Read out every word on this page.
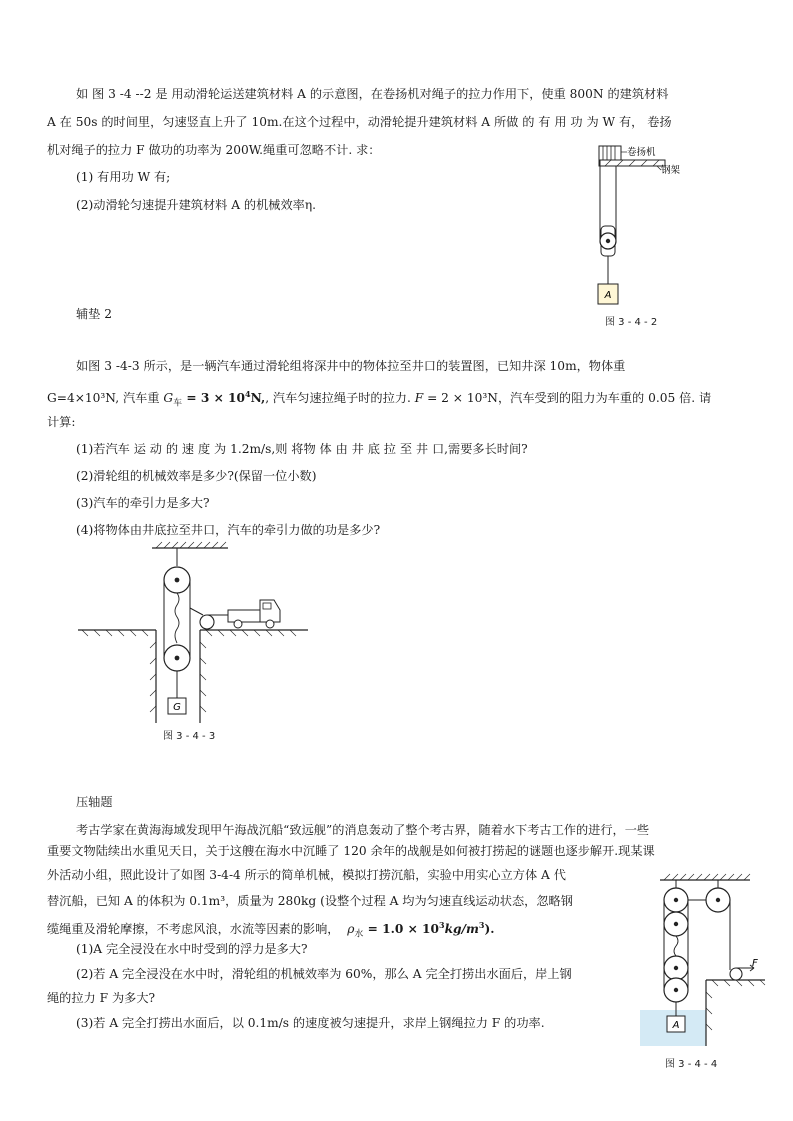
如 图 3 -4 --2 是 用动滑轮运送建筑材料 A 的示意图，在卷扬机对绳子的拉力作用下，使重 800N 的建筑材料
A 在 50s 的时间里，匀速竖直上升了 10m.在这个过程中，动滑轮提升建筑材料 A 所做 的 有 用 功 为 W 有， 卷扬
机对绳子的拉力 F 做功的功率为 200W.绳重可忽略不计. 求：
(1) 有用功 W 有;
(2)动滑轮匀速提升建筑材料 A 的机械效率η.
卷扬机
钢架
A
图 3 - 4 - 2
辅垫 2
如图 3 -4-3 所示，是一辆汽车通过滑轮组将深井中的物体拉至井口的装置图，已知井深 10m，物体重
G=4×10³N, 汽车重 $G_车 = 3 \times 10^4N$,, 汽车匀速拉绳子时的拉力. F = 2 × 10³N，汽车受到的阻力为车重的 0.05 倍. 请
计算:
(1)若汽车 运 动 的 速 度 为 1.2m/s,则 将物 体 由 井 底 拉 至 井 口,需要多长时间?
(2)滑轮组的机械效率是多少?(保留一位小数)
(3)汽车的牵引力是多大?
(4)将物体由井底拉至井口，汽车的牵引力做的功是多少?
G
图 3 - 4 - 3
压轴题
考古学家在黄海海域发现甲午海战沉船“致远舰”的消息轰动了整个考古界，随着水下考古工作的进行，一些
重要文物陆续出水重见天日，关于这艘在海水中沉睡了 120 余年的战舰是如何被打捞起的谜题也逐步解开.现某课
外活动小组，照此设计了如图 3-4-4 所示的简单机械，模拟打捞沉船，实验中用实心立方体 A 代
替沉船，已知 A 的体积为 0.1m³，质量为 280kg (设整个过程 A 均为匀速直线运动状态，忽略钢
缆绳重及滑轮摩擦，不考虑风浪，水流等因素的影响， $\rho_水 = 1.0 \times 10^3kg/m^3$).
(1)A 完全浸没在水中时受到的浮力是多大?
(2)若 A 完全浸没在水中时，滑轮组的机械效率为 60%，那么 A 完全打捞出水面后，岸上钢
绳的拉力 F 为多大?
(3)若 A 完全打捞出水面后，以 0.1m/s 的速度被匀速提升，求岸上钢绳拉力 F 的功率.
F
A
图 3 - 4 - 4
